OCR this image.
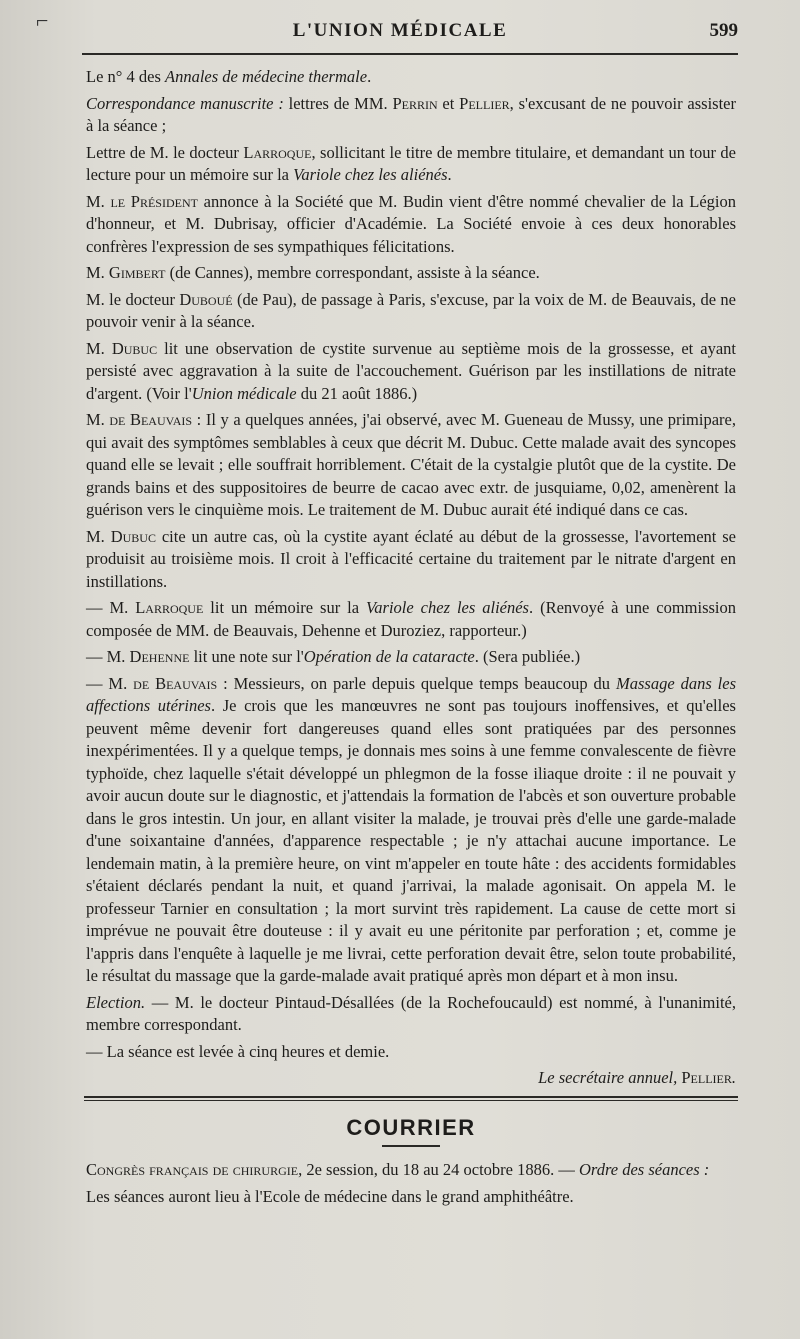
⌐	L'UNION MÉDICALE	599

Le n° 4 des Annales de médecine thermale.

Correspondance manuscrite : lettres de MM. Perrin et Pellier, s'excusant de ne pouvoir assister à la séance ;

Lettre de M. le docteur Larroque, sollicitant le titre de membre titulaire, et demandant un tour de lecture pour un mémoire sur la Variole chez les aliénés.

M. le Président annonce à la Société que M. Budin vient d'être nommé chevalier de la Légion d'honneur, et M. Dubrisay, officier d'Académie. La Société envoie à ces deux honorables confrères l'expression de ses sympathiques félicitations.

M. Gimbert (de Cannes), membre correspondant, assiste à la séance.

M. le docteur Duboué (de Pau), de passage à Paris, s'excuse, par la voix de M. de Beauvais, de ne pouvoir venir à la séance.

M. Dubuc lit une observation de cystite survenue au septième mois de la grossesse, et ayant persisté avec aggravation à la suite de l'accouchement. Guérison par les instillations de nitrate d'argent. (Voir l'Union médicale du 21 août 1886.)

M. de Beauvais : Il y a quelques années, j'ai observé, avec M. Gueneau de Mussy, une primipare, qui avait des symptômes semblables à ceux que décrit M. Dubuc. Cette malade avait des syncopes quand elle se levait ; elle souffrait horriblement. C'était de la cystalgie plutôt que de la cystite. De grands bains et des suppositoires de beurre de cacao avec extr. de jusquiame, 0,02, amenèrent la guérison vers le cinquième mois. Le traitement de M. Dubuc aurait été indiqué dans ce cas.

M. Dubuc cite un autre cas, où la cystite ayant éclaté au début de la grossesse, l'avortement se produisit au troisième mois. Il croit à l'efficacité certaine du traitement par le nitrate d'argent en instillations.

— M. Larroque lit un mémoire sur la Variole chez les aliénés. (Renvoyé à une commission composée de MM. de Beauvais, Dehenne et Duroziez, rapporteur.)

— M. Dehenne lit une note sur l'Opération de la cataracte. (Sera publiée.)

— M. de Beauvais : Messieurs, on parle depuis quelque temps beaucoup du Massage dans les affections utérines. Je crois que les manœuvres ne sont pas toujours inoffensives, et qu'elles peuvent même devenir fort dangereuses quand elles sont pratiquées par des personnes inexpérimentées. Il y a quelque temps, je donnais mes soins à une femme convalescente de fièvre typhoïde, chez laquelle s'était développé un phlegmon de la fosse iliaque droite : il ne pouvait y avoir aucun doute sur le diagnostic, et j'attendais la formation de l'abcès et son ouverture probable dans le gros intestin. Un jour, en allant visiter la malade, je trouvai près d'elle une garde-malade d'une soixantaine d'années, d'apparence respectable ; je n'y attachai aucune importance. Le lendemain matin, à la première heure, on vint m'appeler en toute hâte : des accidents formidables s'étaient déclarés pendant la nuit, et quand j'arrivai, la malade agonisait. On appela M. le professeur Tarnier en consultation ; la mort survint très rapidement. La cause de cette mort si imprévue ne pouvait être douteuse : il y avait eu une péritonite par perforation ; et, comme je l'appris dans l'enquête à laquelle je me livrai, cette perforation devait être, selon toute probabilité, le résultat du massage que la garde-malade avait pratiqué après mon départ et à mon insu.

Election. — M. le docteur Pintaud-Désallées (de la Rochefoucauld) est nommé, à l'unanimité, membre correspondant.

— La séance est levée à cinq heures et demie.

Le secrétaire annuel, Pellier.

COURRIER

Congrès français de chirurgie, 2e session, du 18 au 24 octobre 1886. — Ordre des séances :

Les séances auront lieu à l'Ecole de médecine dans le grand amphithéâtre.
